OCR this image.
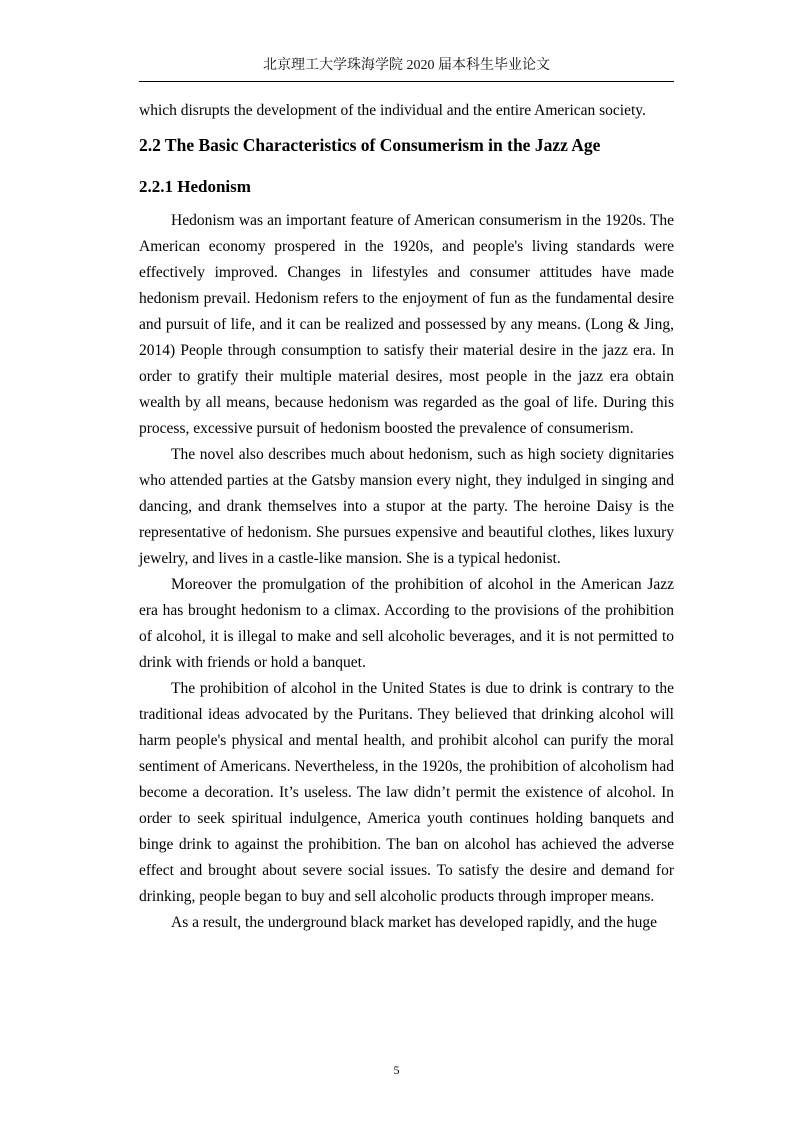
北京理工大学珠海学院 2020 届本科生毕业论文

which disrupts the development of the individual and the entire American society.

2.2 The Basic Characteristics of Consumerism in the Jazz Age
2.2.1 Hedonism

Hedonism was an important feature of American consumerism in the 1920s. The American economy prospered in the 1920s, and people's living standards were effectively improved. Changes in lifestyles and consumer attitudes have made hedonism prevail. Hedonism refers to the enjoyment of fun as the fundamental desire and pursuit of life, and it can be realized and possessed by any means. (Long & Jing, 2014) People through consumption to satisfy their material desire in the jazz era. In order to gratify their multiple material desires, most people in the jazz era obtain wealth by all means, because hedonism was regarded as the goal of life. During this process, excessive pursuit of hedonism boosted the prevalence of consumerism.

The novel also describes much about hedonism, such as high society dignitaries who attended parties at the Gatsby mansion every night, they indulged in singing and dancing, and drank themselves into a stupor at the party. The heroine Daisy is the representative of hedonism. She pursues expensive and beautiful clothes, likes luxury jewelry, and lives in a castle-like mansion. She is a typical hedonist.

Moreover the promulgation of the prohibition of alcohol in the American Jazz era has brought hedonism to a climax. According to the provisions of the prohibition of alcohol, it is illegal to make and sell alcoholic beverages, and it is not permitted to drink with friends or hold a banquet.

The prohibition of alcohol in the United States is due to drink is contrary to the traditional ideas advocated by the Puritans. They believed that drinking alcohol will harm people's physical and mental health, and prohibit alcohol can purify the moral sentiment of Americans. Nevertheless, in the 1920s, the prohibition of alcoholism had become a decoration. It’s useless. The law didn’t permit the existence of alcohol. In order to seek spiritual indulgence, America youth continues holding banquets and binge drink to against the prohibition. The ban on alcohol has achieved the adverse effect and brought about severe social issues. To satisfy the desire and demand for drinking, people began to buy and sell alcoholic products through improper means.

As a result, the underground black market has developed rapidly, and the huge

5
